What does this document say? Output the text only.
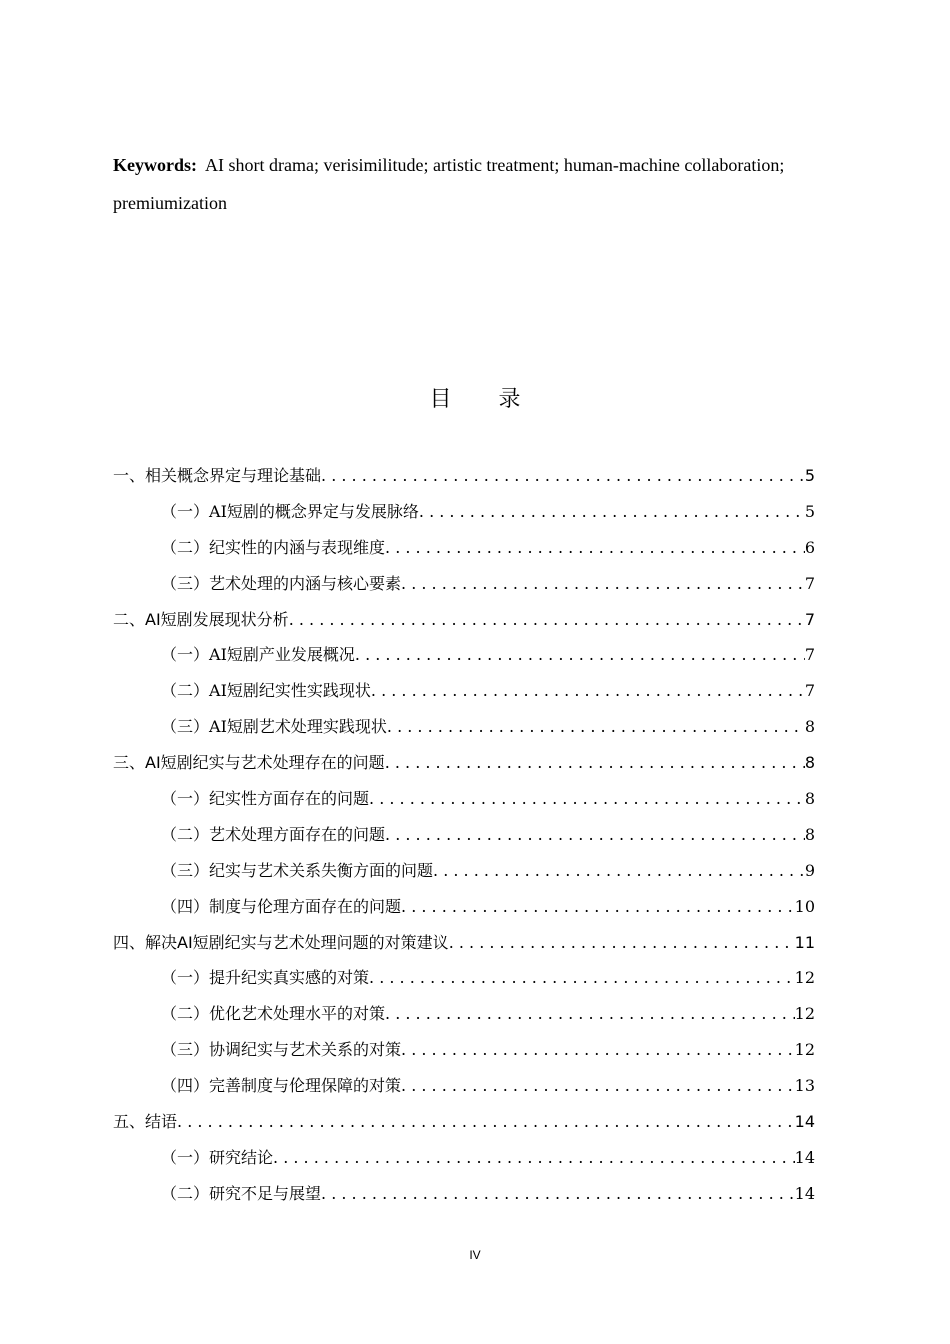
Keywords: AI short drama; verisimilitude; artistic treatment; human-machine collaboration; premiumization
目 录
一、 相关概念界定与理论基础 . . .	5
（一） AI短剧的概念界定与发展脉络 . . .	5
（二） 纪实性的内涵与表现维度 . . .	6
（三） 艺术处理的内涵与核心要素 . . .	7
二、 AI短剧发展现状分析 . . .	7
（一） AI短剧产业发展概况 . . .	7
（二） AI短剧纪实性实践现状 . . .	7
（三） AI短剧艺术处理实践现状 . . .	8
三、 AI短剧纪实与艺术处理存在的问题 . . .	8
（一） 纪实性方面存在的问题 . . .	8
（二） 艺术处理方面存在的问题 . . .	8
（三） 纪实与艺术关系失衡方面的问题 . . .	9
（四） 制度与伦理方面存在的问题 . . .	10
四、 解决AI短剧纪实与艺术处理问题的对策建议 . . .	11
（一） 提升纪实真实感的对策 . . .	12
（二） 优化艺术处理水平的对策 . . .	12
（三） 协调纪实与艺术关系的对策 . . .	12
（四） 完善制度与伦理保障的对策 . . .	13
五、 结语 . . .	14
（一） 研究结论 . . .	14
（二） 研究不足与展望 . . .	14
IV
